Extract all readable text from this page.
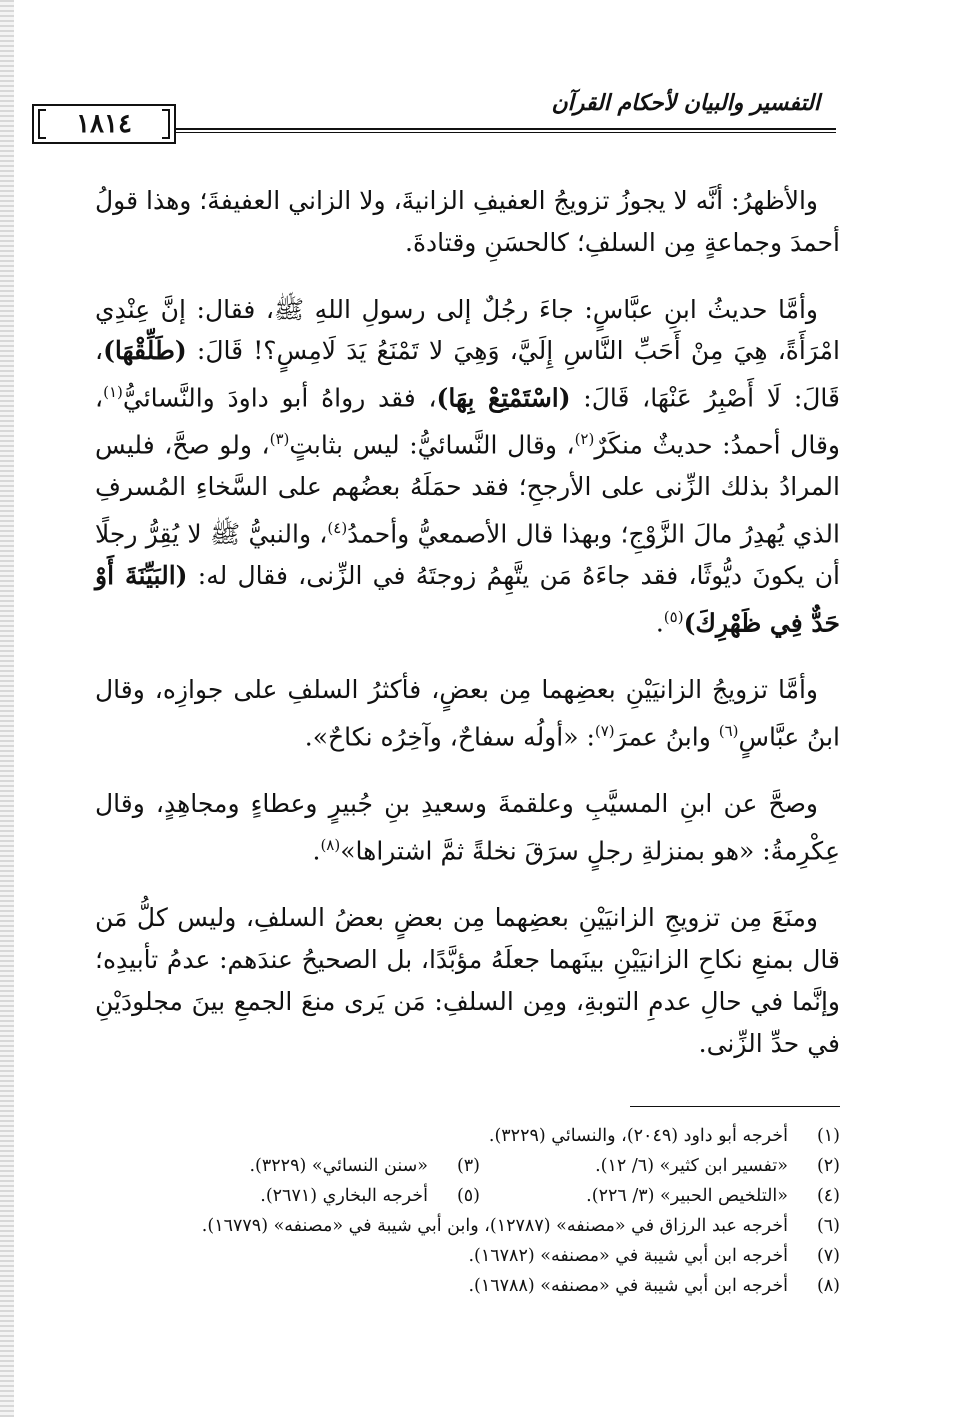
التفسير والبيان لأحكام القرآن
١٨١٤

والأظهرُ: أنَّه لا يجوزُ تزويجُ العفيفِ الزانيةَ، ولا الزاني العفيفةَ؛ وهذا قولُ أحمدَ وجماعةٍ مِن السلفِ؛ كالحسَنِ وقتادةَ.

وأمَّا حديثُ ابنِ عبَّاسٍ: جاءَ رجُلٌ إلى رسولِ اللهِ ﷺ، فقال: إنَّ عِنْدِي امْرَأَةً، هِيَ مِنْ أَحَبِّ النَّاسِ إِلَيَّ، وَهِيَ لا تَمْنَعُ يَدَ لَامِسٍ؟! قَالَ: (طَلِّقْهَا)، قَالَ: لَا أَصْبِرُ عَنْهَا، قَالَ: (اسْتَمْتِعْ بِهَا)، فقد رواهُ أبو داودَ والنَّسائيُّ$^{(١)}$، وقال أحمدُ: حديثٌ منكَرٌ$^{(٢)}$، وقال النَّسائيُّ: ليس بثابتٍ$^{(٣)}$، ولو صحَّ، فليس المرادُ بذلك الزِّنى على الأرجحِ؛ فقد حمَلَهُ بعضُهم على السَّخاءِ المُسرفِ الذي يُهدِرُ مالَ الزَّوْجِ؛ وبهذا قال الأصمعيُّ وأحمدُ$^{(٤)}$، والنبيُّ ﷺ لا يُقِرُّ رجلًا أن يكونَ ديُّوثًا، فقد جاءَهُ مَن يتَّهِمُ زوجتَهُ في الزِّنى، فقال له: (البَيِّنَةَ أَوْ حَدٌّ فِي ظَهْرِكَ)$^{(٥)}$.

وأمَّا تزويجُ الزانيَيْنِ بعضِهما مِن بعضٍ، فأكثرُ السلفِ على جوازِه، وقال ابنُ عبَّاسٍ$^{(٦)}$ وابنُ عمرَ$^{(٧)}$: «أولُه سفاحٌ، وآخِرُه نكاحٌ».

وصحَّ عن ابنِ المسيَّبِ وعلقمةَ وسعيدِ بنِ جُبيرٍ وعطاءٍ ومجاهِدٍ، وقال عِكْرِمةُ: «هو بمنزلةِ رجلٍ سرَقَ نخلةً ثمَّ اشتراها»$^{(٨)}$.

ومنَعَ مِن تزويجِ الزانيَيْنِ بعضِهما مِن بعضٍ بعضُ السلفِ، وليس كلُّ مَن قال بمنعِ نكاحِ الزانيَيْنِ بينَهما جعلَهُ مؤبَّدًا، بل الصحيحُ عندَهم: عدمُ تأبيدِه؛ وإنَّما في حالِ عدمِ التوبةِ، ومِن السلفِ: مَن يَرى منعَ الجمعِ بينَ مجلودَيْنِ في حدِّ الزِّنى.

(١)
أخرجه أبو داود (٢٠٤٩)، والنسائي (٣٢٢٩).
(٢)
«تفسير ابن كثير» (٦/ ١٢).
(٣)
«سنن النسائي» (٣٢٢٩).
(٤)
«التلخيص الحبير» (٣/ ٢٢٦).
(٥)
أخرجه البخاري (٢٦٧١).
(٦)
أخرجه عبد الرزاق في «مصنفه» (١٢٧٨٧)، وابن أبي شيبة في «مصنفه» (١٦٧٧٩).
(٧)
أخرجه ابن أبي شيبة في «مصنفه» (١٦٧٨٢).
(٨)
أخرجه ابن أبي شيبة في «مصنفه» (١٦٧٨٨).
